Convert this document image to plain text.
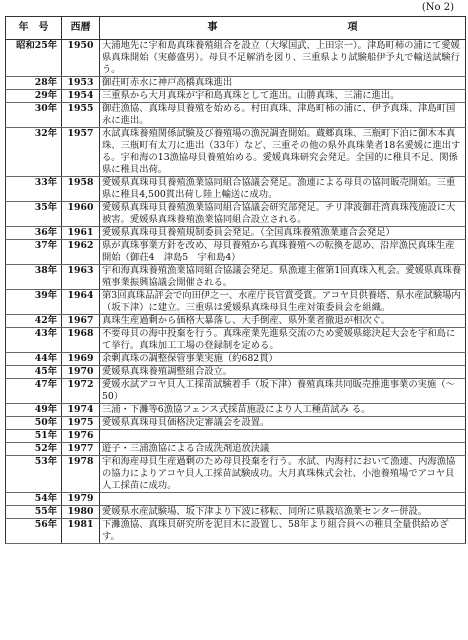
(No 2)
年　号	西暦	事　　　　　　　　　　　　　項
昭和25年	1950	大浦地先に宇和島真珠養殖組合を設立（大塚国武、上田宗一）。津島町柿の浦にて愛媛県真珠開始（実藤盛男）。母貝不足解消を図り、三重県より試験船伊予丸で輸送試験行う。
28年	1953	御荘町赤水に神戸高橋真珠進出
29年	1954	三重県から大月真珠が宇和島真珠として進出。山勝真珠、三浦に進出。
30年	1955	御荘漁協、真珠母貝養殖を始める。村田真珠、津島町柿の浦に、伊予真珠、津島町国永に進出。
32年	1957	水試真珠養殖関係試験及び養殖場の漁況調査開始。蔵郷真珠、三瓶町下泊に御木本真珠、三瓶町有太刀に進出（33年）など、三重その他の県外真珠業者18名愛媛に進出する。宇和海の13漁協母貝養殖始める。愛媛真珠研究会発足。全国的に稚貝不足、関係県に稚貝出荷。
33年	1958	愛媛県真珠母貝養殖漁業協同組合協議会発足。漁連による母貝の協同販売開始。三重県に稚貝4,500貫出荷し陸上輸送に成功。
35年	1960	愛媛県真珠母貝養殖漁業協同組合協議会研究部発足。チリ津波御荘湾真珠筏施設に大被害。愛媛県真珠養殖漁業協同組合設立される。
36年	1961	愛媛県真珠母貝養殖規制委員会発足。（全国真珠養殖漁業連合会発足）
37年	1962	県が真珠事業方針を改め、母貝養殖から真珠養殖への転換を認め、沿岸漁民真珠生産開始（御荘4　津島5　宇和島4）
38年	1963	宇和海真珠養殖漁業協同組合協議会発足。県漁連主催第1回真珠入札会。愛媛県真珠養殖事業振興協議会開催される。
39年	1964	第3回真珠品評会で向田伊之一、水産庁長官賞受賞。アコヤ貝供養塔、県水産試験場内（坂下津）に建立。三重県は愛媛県真珠母貝生産対策委員会を組織。
42年	1967	真珠生産過剰から価格大暴落し、大手倒産、県外業者撤退が相次ぐ。
43年	1968	不要母貝の海中投棄を行う。真珠産業先進県交流のため愛媛県総決起大会を宇和島にて挙行。真珠加工工場の登録制を定める。
44年	1969	余剰真珠の調整保管事業実施（約682貫）
45年	1970	愛媛県真珠養殖調整組合設立。
47年	1972	愛媛水試アコヤ貝人工採苗試験着手（坂下津）養殖真珠共同販売推進事業の実施（～50）
49年	1974	三浦・下灘等6漁協フェンス式採苗施設により人工種苗試み る。
50年	1975	愛媛県真珠母貝価格決定審議会を設置。
51年	1976	
52年	1977	遊子・三浦漁協による合成洗剤追放決議
53年	1978	宇和海産母貝生産過剰のため母貝投棄を行う。水試、内海村において漁連、内海漁協の協力によりアコヤ貝人工採苗試験成功。大月真珠株式会社、小池養殖場でアコヤ貝人工採苗に成功。
54年	1979	
55年	1980	愛媛県水産試験場、坂下津より下波に移転、同所に県栽培漁業センター併設。
56年	1981	下灘漁協、真珠貝研究所を泥目木に設置し、58年より組合員への稚貝全量供給めざす。
